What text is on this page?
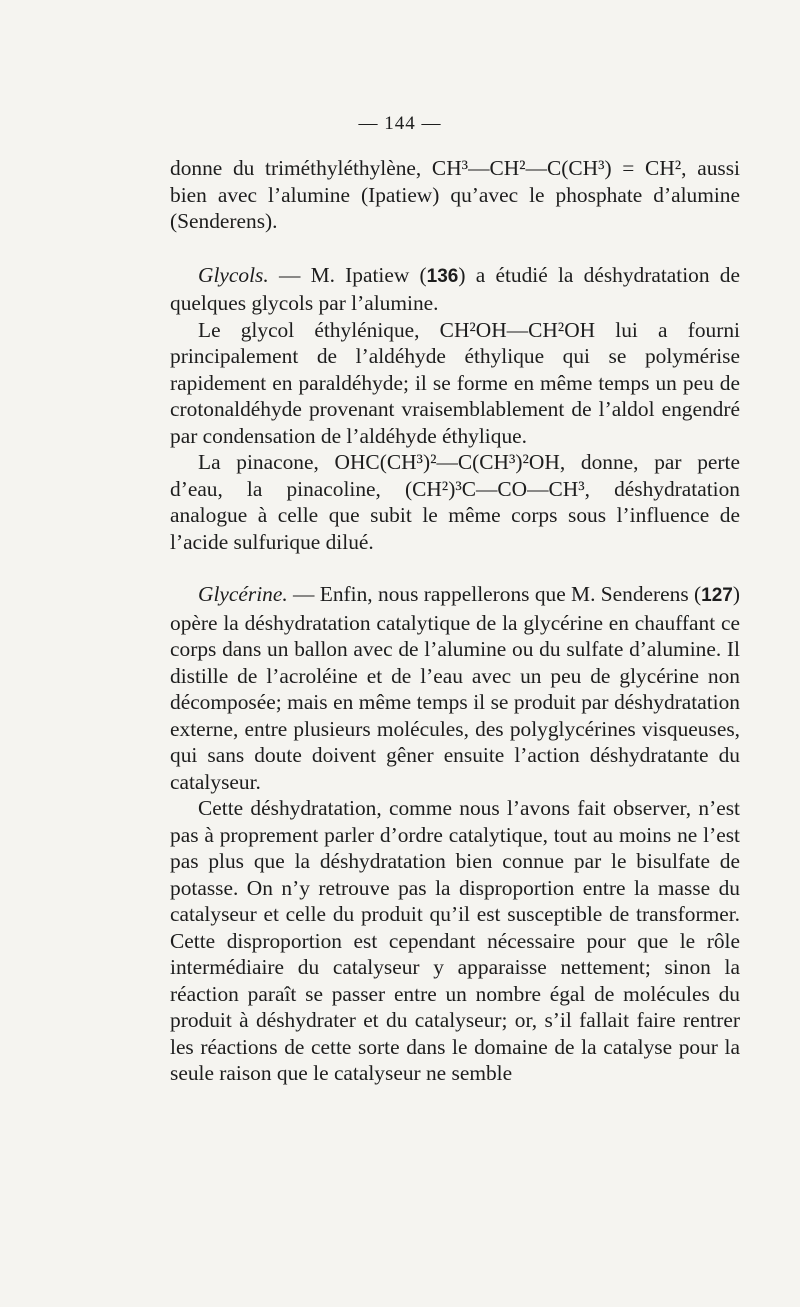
— 144 —

donne du triméthyléthylène, CH³—CH²—C(CH³) = CH², aussi bien avec l’alumine (Ipatiew) qu’avec le phosphate d’alumine (Senderens).

Glycols. — M. Ipatiew (136) a étudié la déshydratation de quelques glycols par l’alumine.

Le glycol éthylénique, CH²OH—CH²OH lui a fourni principalement de l’aldéhyde éthylique qui se polymérise rapidement en paraldéhyde; il se forme en même temps un peu de crotonaldéhyde provenant vraisemblablement de l’aldol engendré par condensation de l’aldéhyde éthylique.

La pinacone, OHC(CH³)²—C(CH³)²OH, donne, par perte d’eau, la pinacoline, (CH²)³C—CO—CH³, déshydratation analogue à celle que subit le même corps sous l’influence de l’acide sulfurique dilué.

Glycérine. — Enfin, nous rappellerons que M. Senderens (127) opère la déshydratation catalytique de la glycérine en chauffant ce corps dans un ballon avec de l’alumine ou du sulfate d’alumine. Il distille de l’acroléine et de l’eau avec un peu de glycérine non décomposée; mais en même temps il se produit par déshydratation externe, entre plusieurs molécules, des polyglycérines visqueuses, qui sans doute doivent gêner ensuite l’action déshydratante du catalyseur.

Cette déshydratation, comme nous l’avons fait observer, n’est pas à proprement parler d’ordre catalytique, tout au moins ne l’est pas plus que la déshydratation bien connue par le bisulfate de potasse. On n’y retrouve pas la disproportion entre la masse du catalyseur et celle du produit qu’il est susceptible de transformer. Cette disproportion est cependant nécessaire pour que le rôle intermédiaire du catalyseur y apparaisse nettement; sinon la réaction paraît se passer entre un nombre égal de molécules du produit à déshydrater et du catalyseur; or, s’il fallait faire rentrer les réactions de cette sorte dans le domaine de la catalyse pour la seule raison que le catalyseur ne semble
